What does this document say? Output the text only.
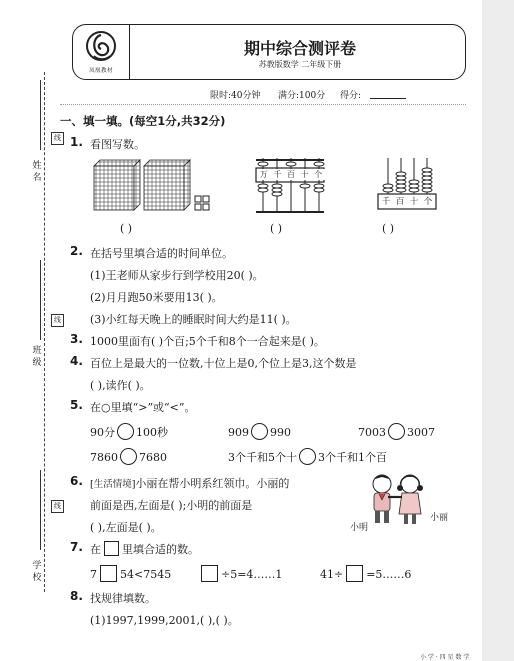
姓 名
线
班 级
线
学 校
线
凤凰教材
期中综合测评卷
苏教版数学 二年级下册
限时:40分钟 满分:100分 得分:
一、填一填。(每空1分,共32分)
1. 看图写数。
万 千 百 十 个
千 百 十 个
( )	( )	( )
2. 在括号里填合适的时间单位。
(1)王老师从家步行到学校用20( )。
(2)月月跑50米要用13( )。
(3)小红每天晚上的睡眠时间大约是11( )。
3. 1000里面有( )个百;5个千和8个一合起来是( )。
4. 百位上是最大的一位数,十位上是0,个位上是3,这个数是
( ),读作( )。
5. 在○里填“>”或“<”。
90分 100秒	909 990	7003 3007
7860 7680	3个千和5个十 3个千和1个百
6. [生活情境]小丽在帮小明系红领巾。小丽的
前面是西,左面是( );小明的前面是
( ),左面是( )。	小明
小丽
7. 在 里填合适的数。
7 54<7545	÷5=4……1	41÷ =5……6
8. 找规律填数。
(1)1997,1999,2001,( ),( )。
小 学 · 四 星 数 学
